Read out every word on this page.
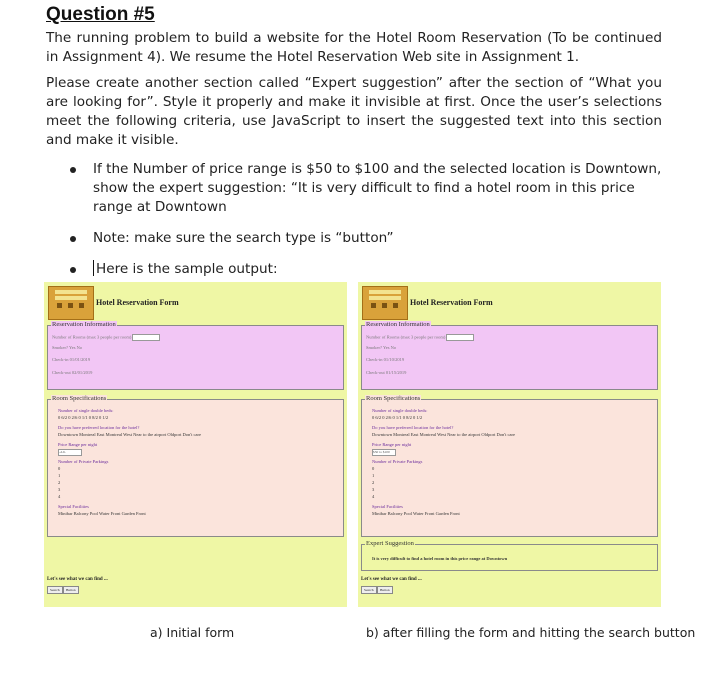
Question #5
The running problem to build a website for the Hotel Room Reservation (To be continued in Assignment 4). We resume the Hotel Reservation Web site in Assignment 1.
Please create another section called “Expert suggestion” after the section of “What you are looking for”. Style it properly and make it invisible at first. Once the user’s selections meet the following criteria, use JavaScript to insert the suggested text into this section and make it visible.
If the Number of price range is $50 to $100 and the selected location is Downtown, show the expert suggestion: “It is very difficult to find a hotel room in this price range at Downtown
Note: make sure the search type is “button”
Here is the sample output:
Hotel Reservation Form
Reservation Information
Number of Rooms (max 3 people per room)
Smoker? Yes No
Check-in 01/01/2019
Check-out 02/01/2019
Room Specifications
Number of single double beds:
0 6/2 0 2/6 0 1/1 0 8/2 0 1/2
Do you have preferred location for the hotel?
Downtown Montreal East Montreal West Near to the airport Oldport Don't care
Price Range per night
-All-
Number of Private Parkings
0
1
2
3
4
Special Facilities
Minibar Balcony Pool Water Front Garden Front
Let's see what we can find ...
Search	Button
Hotel Reservation Form
Reservation Information
Number of Rooms (max 3 people per room)
Smoker? Yes No
Check-in 01/10/2019
Check-out 01/15/2019
Room Specifications
Number of single double beds:
0 6/2 0 2/6 0 1/1 0 8/2 0 1/2
Do you have preferred location for the hotel?
Downtown Montreal East Montreal West Near to the airport Oldport Don't care
Price Range per night
$50 to $100
Number of Private Parkings
0
1
2
3
4
Special Facilities
Minibar Balcony Pool Water Front Garden Front
Expert Suggestion
It is very difficult to find a hotel room in this price range at Downtown
Let's see what we can find ...
Search	Button
a) Initial form	b) after filling the form and hitting the search button
